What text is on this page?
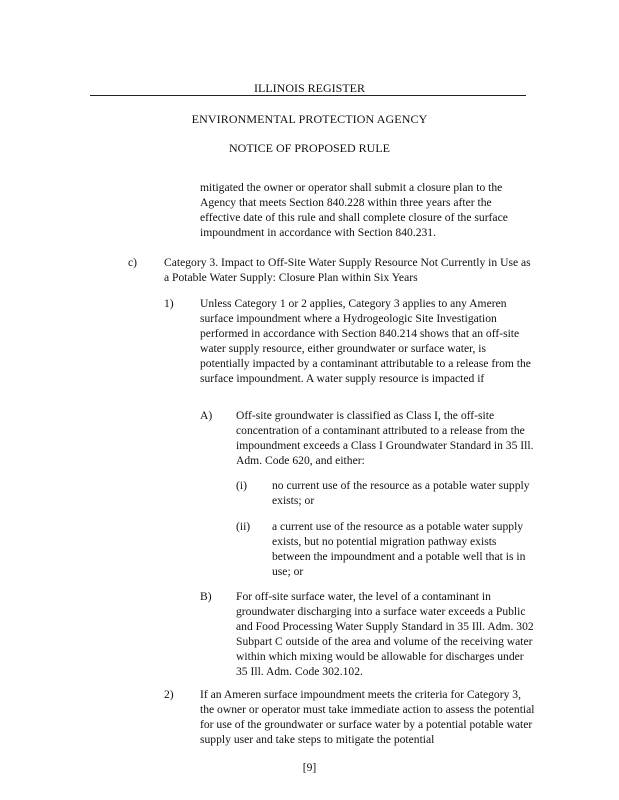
ILLINOIS REGISTER
ENVIRONMENTAL PROTECTION AGENCY
NOTICE OF PROPOSED RULE

mitigated the owner or operator shall submit a closure plan to the Agency that meets Section 840.228 within three years after the effective date of this rule and shall complete closure of the surface impoundment in accordance with Section 840.231.

c) Category 3. Impact to Off-Site Water Supply Resource Not Currently in Use as a Potable Water Supply: Closure Plan within Six Years

1) Unless Category 1 or 2 applies, Category 3 applies to any Ameren surface impoundment where a Hydrogeologic Site Investigation performed in accordance with Section 840.214 shows that an off-site water supply resource, either groundwater or surface water, is potentially impacted by a contaminant attributable to a release from the surface impoundment. A water supply resource is impacted if

A) Off-site groundwater is classified as Class I, the off-site concentration of a contaminant attributed to a release from the impoundment exceeds a Class I Groundwater Standard in 35 Ill. Adm. Code 620, and either:

(i) no current use of the resource as a potable water supply exists; or

(ii) a current use of the resource as a potable water supply exists, but no potential migration pathway exists between the impoundment and a potable well that is in use; or

B) For off-site surface water, the level of a contaminant in groundwater discharging into a surface water exceeds a Public and Food Processing Water Supply Standard in 35 Ill. Adm. 302 Subpart C outside of the area and volume of the receiving water within which mixing would be allowable for discharges under 35 Ill. Adm. Code 302.102.

2) If an Ameren surface impoundment meets the criteria for Category 3, the owner or operator must take immediate action to assess the potential for use of the groundwater or surface water by a potential potable water supply user and take steps to mitigate the potential

[9]
